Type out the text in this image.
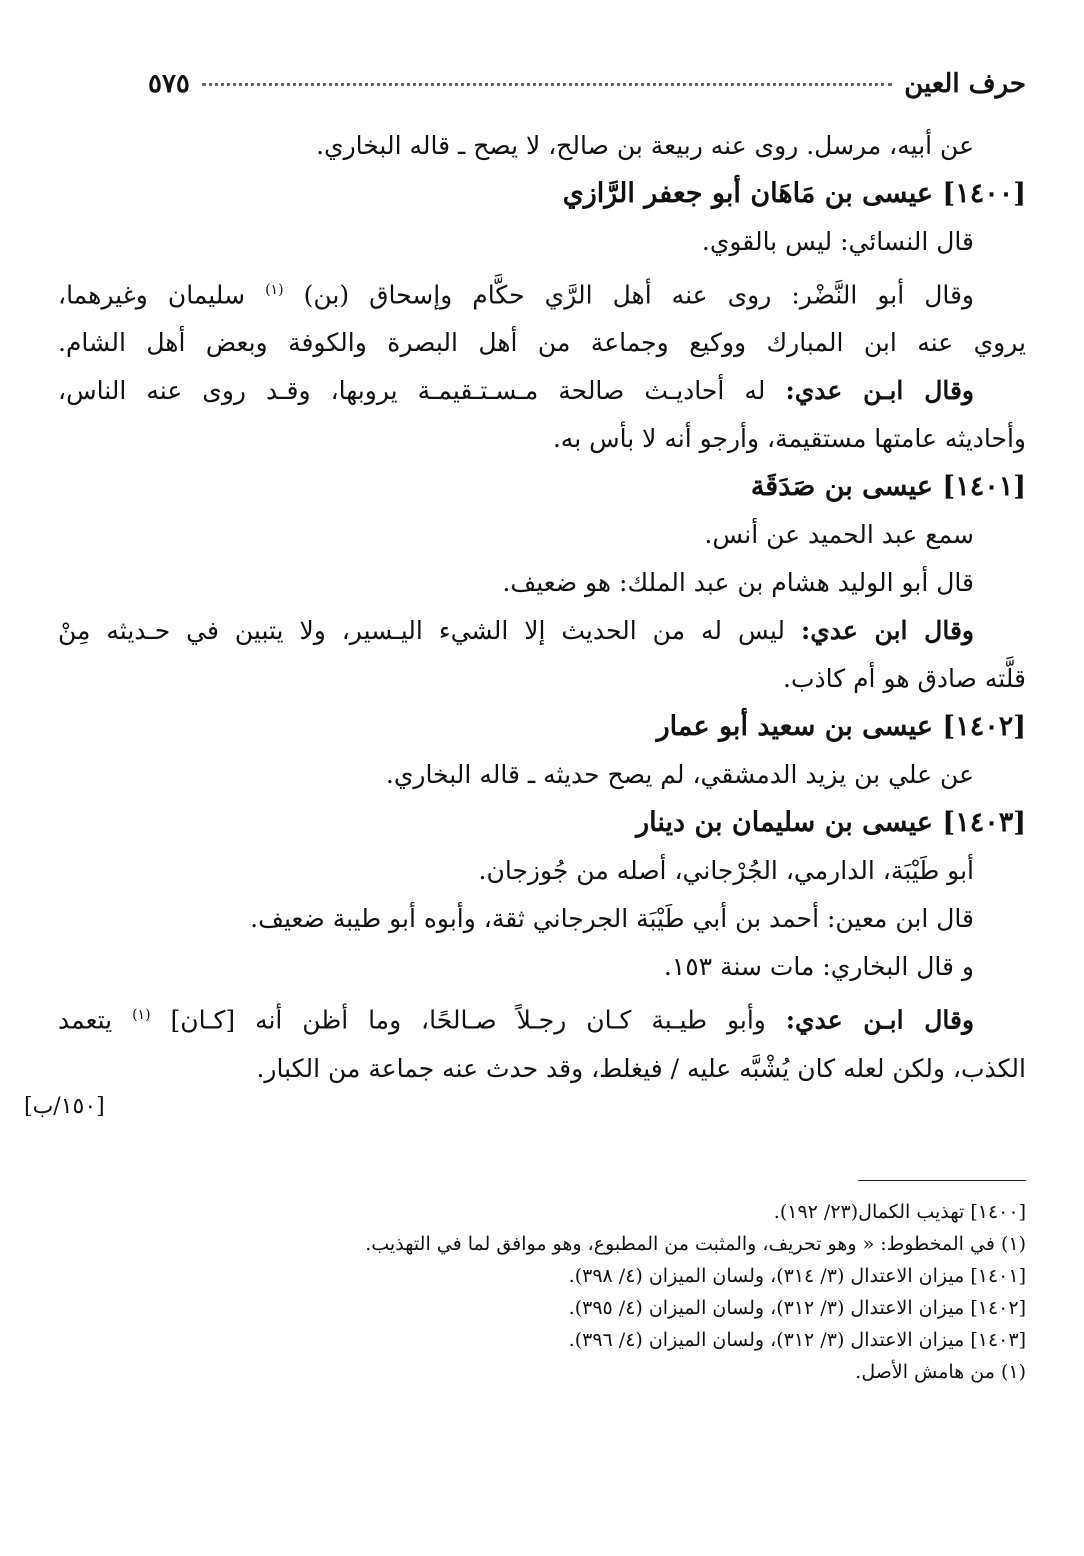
حرف العين
٥٧٥
عن أبيه، مرسل. روى عنه ربيعة بن صالح، لا يصح ـ قاله البخاري.
[١٤٠٠] عيسى بن مَاهَان أبو جعفر الرَّازي
قال النسائي: ليس بالقوي.
وقال أبو النَّضْر: روى عنه أهل الرَّي حكَّام وإسحاق (بن) $^{(١)}$ سليمان وغيرهما،
يروي عنه ابن المبارك ووكيع وجماعة من أهل البصرة والكوفة وبعض أهل الشام.
وقال ابـن عدي: له أحاديـث صالحة مـسـتـقيمـة يروبها، وقـد روى عنه الناس،
وأحاديثه عامتها مستقيمة، وأرجو أنه لا بأس به.
[١٤٠١] عيسى بن صَدَقَة
سمع عبد الحميد عن أنس.
قال أبو الوليد هشام بن عبد الملك: هو ضعيف.
وقال ابن عدي: ليس له من الحديث إلا الشيء اليـسير، ولا يتبين في حـديثه مِنْ
قلَّته صادق هو أم كاذب.
[١٤٠٢] عيسى بن سعيد أبو عمار
عن علي بن يزيد الدمشقي، لم يصح حديثه ـ قاله البخاري.
[١٤٠٣] عيسى بن سليمان بن دينار
أبو طَيْبَة، الدارمي، الجُرْجاني، أصله من جُوزجان.
قال ابن معين: أحمد بن أبي طَيْبَة الجرجاني ثقة، وأبوه أبو طيبة ضعيف.
و قال البخاري: مات سنة ١٥٣.
وقال ابـن عدي: وأبو طيـبة كـان رجـلاً صـالحًا، وما أظن أنه [كـان] $^{(١)}$ يتعمد
الكذب، ولكن لعله كان يُشْبَّه عليه / فيغلط، وقد حدث عنه جماعة من الكبار.
[١٥٠/ب]
[١٤٠٠] تهذيب الكمال(٢٣/ ١٩٢).
(١) في المخطوط: « وهو تحريف، والمثبت من المطبوع، وهو موافق لما في التهذيب.
[١٤٠١] ميزان الاعتدال (٣/ ٣١٤)، ولسان الميزان (٤/ ٣٩٨).
[١٤٠٢] ميزان الاعتدال (٣/ ٣١٢)، ولسان الميزان (٤/ ٣٩٥).
[١٤٠٣] ميزان الاعتدال (٣/ ٣١٢)، ولسان الميزان (٤/ ٣٩٦).
(١) من هامش الأصل.
